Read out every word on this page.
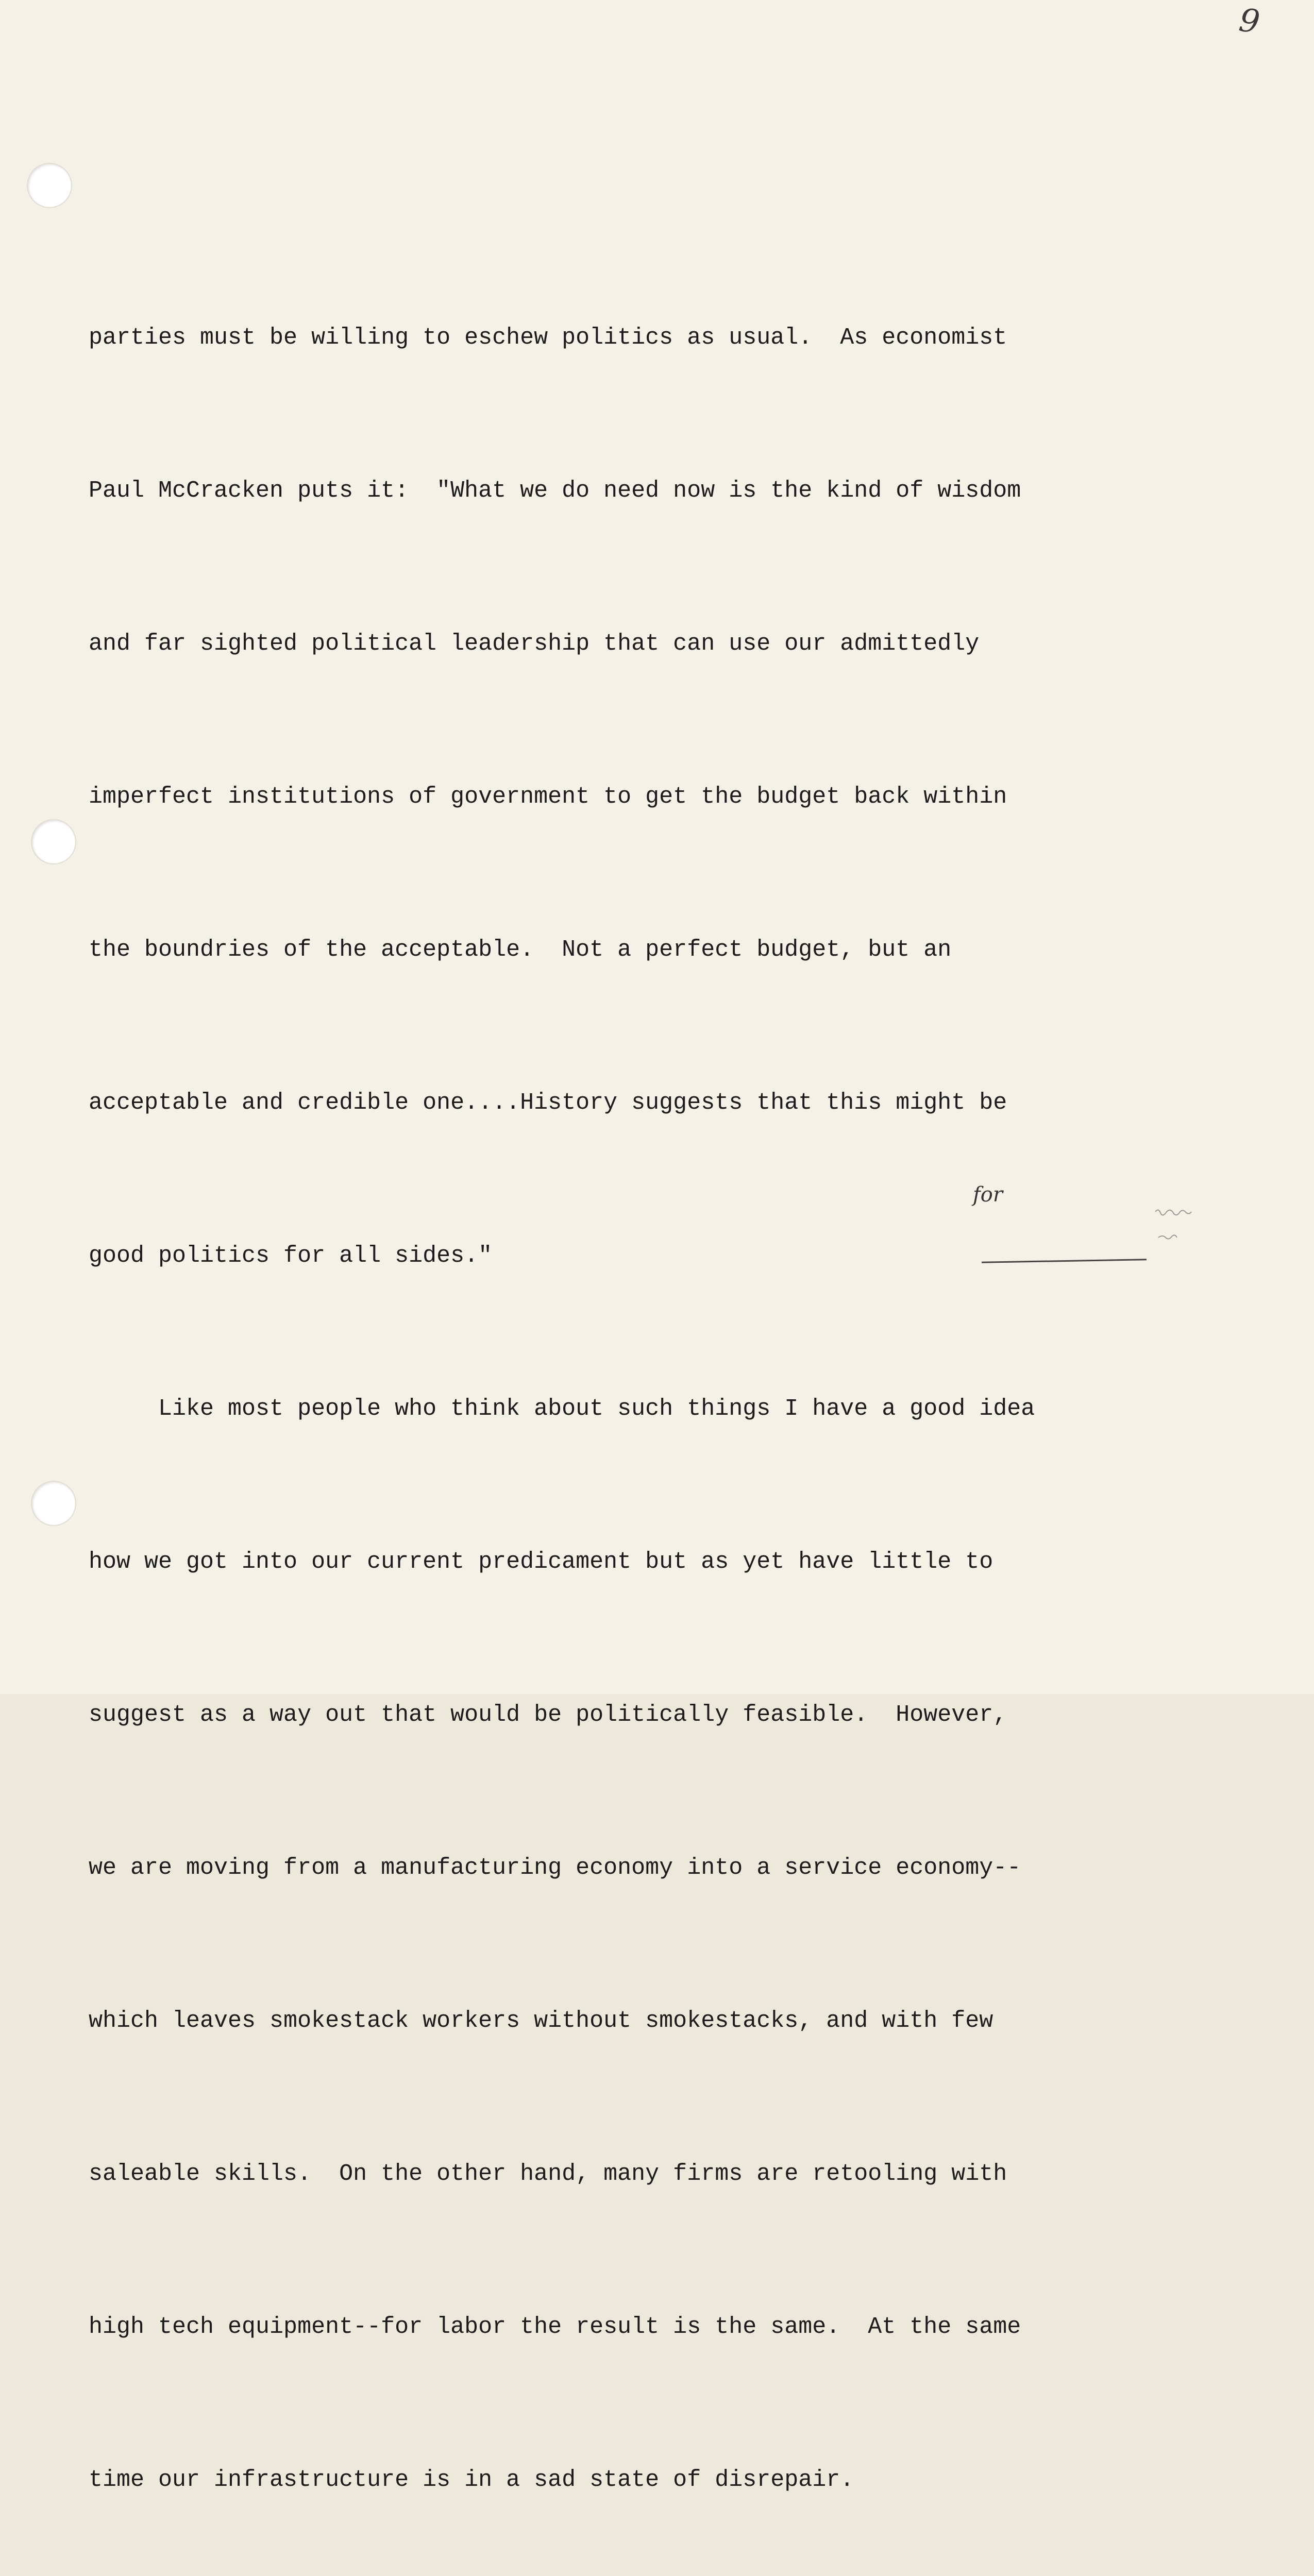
9

parties must be willing to eschew politics as usual.  As economist

Paul McCracken puts it:  "What we do need now is the kind of wisdom

and far sighted political leadership that can use our admittedly

imperfect institutions of government to get the budget back within

the boundries of the acceptable.  Not a perfect budget, but an

acceptable and credible one....History suggests that this might be

good politics for all sides."

Like most people who think about such things I have a good idea

how we got into our current predicament but as yet have little to

suggest as a way out that would be politically feasible.  However,

we are moving from a manufacturing economy into a service economy--

which leaves smokestack workers without smokestacks, and with few

saleable skills.  On the other hand, many firms are retooling with

high tech equipment--for labor the result is the same.  At the same

time our infrastructure is in a sad state of disrepair.

for
